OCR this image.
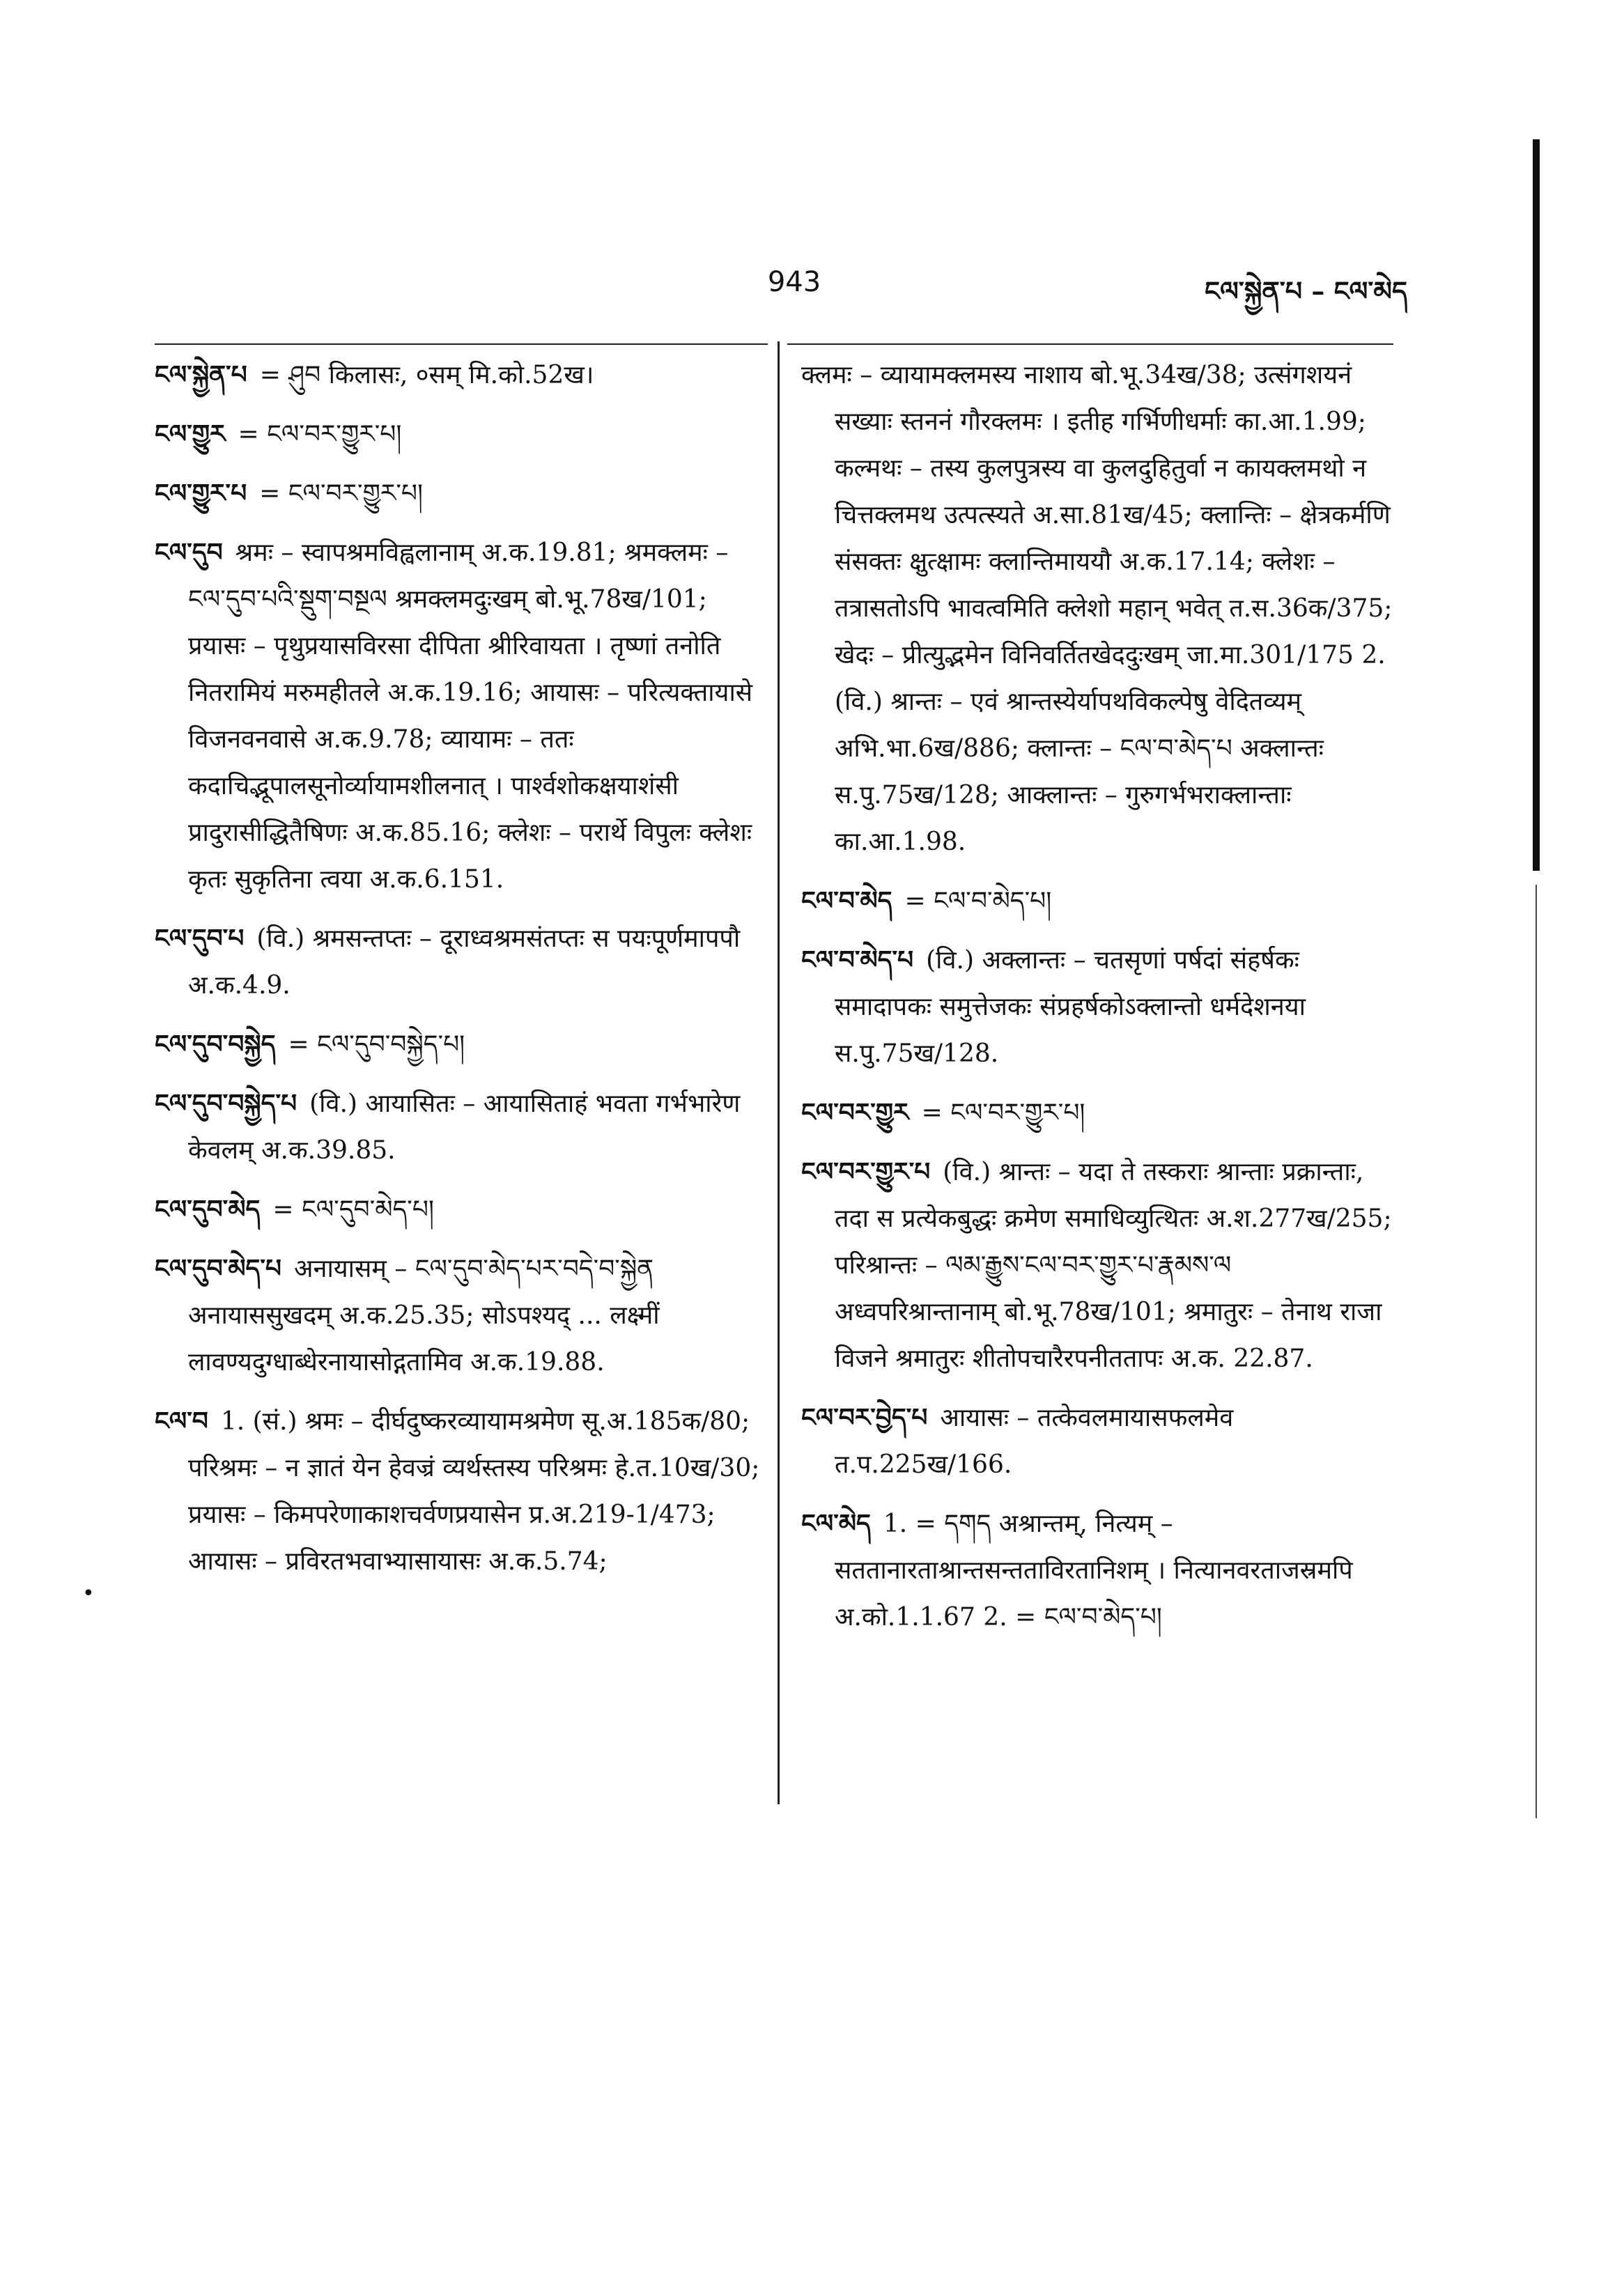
943	ངལ་སྐྱེན་པ – ངལ་མེད

ངལ་སྐྱེན་པ = ཤུབ किलासः, ०सम् मि.को.52ख।

ངལ་གྱུར = ངལ་བར་གྱུར་པ།

ངལ་གྱུར་པ = ངལ་བར་གྱུར་པ།

ངལ་དུབ श्रमः – स्वापश्रमविह्वलानाम् अ.क.19.81; श्रमक्लमः – ངལ་དུབ་པའི་སྡུག་བསྔལ श्रमक्लमदुःखम् बो.भू.78ख/101; प्रयासः – पृथुप्रयासविरसा दीपिता श्रीरिवायता । तृष्णां तनोति नितरामियं मरुमहीतले अ.क.19.16; आयासः – परित्यक्तायासे विजनवनवासे अ.क.9.78; व्यायामः – ततः कदाचिद्भूपालसूनोर्व्यायामशीलनात् । पार्श्वशोकक्षयाशंसी प्रादुरासीद्धितैषिणः अ.क.85.16; क्लेशः – परार्थे विपुलः क्लेशः कृतः सुकृतिना त्वया अ.क.6.151.

ངལ་དུབ་པ (वि.) श्रमसन्तप्तः – दूराध्वश्रमसंतप्तः स पयःपूर्णमापपौ अ.क.4.9.

ངལ་དུབ་བསྐྱེད = ངལ་དུབ་བསྐྱེད་པ།

ངལ་དུབ་བསྐྱེད་པ (वि.) आयासितः – आयासिताहं भवता गर्भभारेण केवलम् अ.क.39.85.

ངལ་དུབ་མེད = ངལ་དུབ་མེད་པ།

ངལ་དུབ་མེད་པ अनायासम् – ངལ་དུབ་མེད་པར་བདེ་བ་སྐྱེན अनायाससुखदम् अ.क.25.35; सोऽपश्यद् ... लक्ष्मीं लावण्यदुग्धाब्धेरनायासोद्गतामिव अ.क.19.88.

ངལ་བ 1. (सं.) श्रमः – दीर्घदुष्करव्यायामश्रमेण सू.अ.185क/80; परिश्रमः – न ज्ञातं येन हेवज्रं व्यर्थस्तस्य परिश्रमः हे.त.10ख/30; प्रयासः – किमपरेणाकाशचर्वणप्रयासेन प्र.अ.219-1/473; आयासः – प्रविरतभवाभ्यासायासः अ.क.5.74;

क्लमः – व्यायामक्लमस्य नाशाय बो.भू.34ख/38; उत्संगशयनं सख्याः स्तननं गौरक्लमः । इतीह गर्भिणीधर्माः का.आ.1.99; कल्मथः – तस्य कुलपुत्रस्य वा कुलदुहितुर्वा न कायक्लमथो न चित्तक्लमथ उत्पत्स्यते अ.सा.81ख/45; क्लान्तिः – क्षेत्रकर्मणि संसक्तः क्षुत्क्षामः क्लान्तिमाययौ अ.क.17.14; क्लेशः – तत्रासतोऽपि भावत्वमिति क्लेशो महान् भवेत् त.स.36क/375; खेदः – प्रीत्युद्भमेन विनिवर्तितखेददुःखम् जा.मा.301/175 2. (वि.) श्रान्तः – एवं श्रान्तस्येर्यापथविकल्पेषु वेदितव्यम् अभि.भा.6ख/886; क्लान्तः – ངལ་བ་མེད་པ अक्लान्तः स.पु.75ख/128; आक्लान्तः – गुरुगर्भभराक्लान्ताः का.आ.1.98.

ངལ་བ་མེད = ངལ་བ་མེད་པ།

ངལ་བ་མེད་པ (वि.) अक्लान्तः – चतसृणां पर्षदां संहर्षकः समादापकः समुत्तेजकः संप्रहर्षकोऽक्लान्तो धर्मदेशनया स.पु.75ख/128.

ངལ་བར་གྱུར = ངལ་བར་གྱུར་པ།

ངལ་བར་གྱུར་པ (वि.) श्रान्तः – यदा ते तस्कराः श्रान्ताः प्रक्रान्ताः, तदा स प्रत्येकबुद्धः क्रमेण समाधिव्युत्थितः अ.श.277ख/255; परिश्रान्तः – ལམ་རྒྱུས་ངལ་བར་གྱུར་པ་རྣམས་ལ अध्वपरिश्रान्तानाम् बो.भू.78ख/101; श्रमातुरः – तेनाथ राजा विजने श्रमातुरः शीतोपचारैरपनीततापः अ.क. 22.87.

ངལ་བར་བྱེད་པ आयासः – तत्केवलमायासफलमेव त.प.225ख/166.

ངལ་མེད 1. = དགད अश्रान्तम्, नित्यम् – सततानारताश्रान्तसन्तताविरतानिशम् । नित्यानवरताजस्रमपि अ.को.1.1.67 2. = ངལ་བ་མེད་པ།

•
